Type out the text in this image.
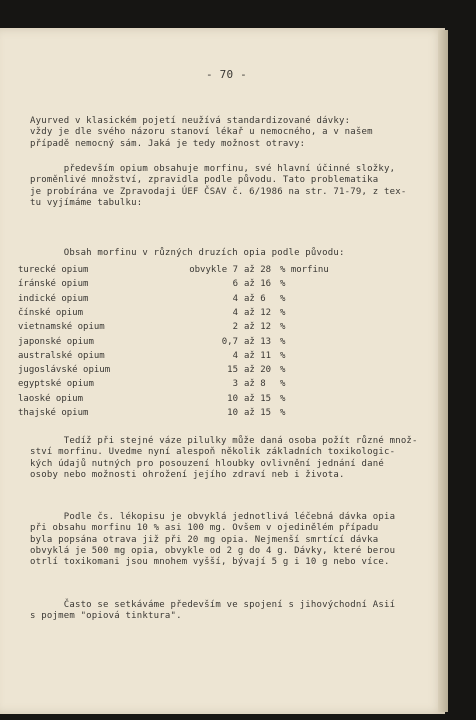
- 70 -
Ayurved v klasickém pojetí neužívá standardizované dávky:
vždy je dle svého názoru stanoví lékař u nemocného, a v našem
případě nemocný sám. Jaká je tedy možnost otravy:
především opium obsahuje morfinu, své hlavní účinné složky,
proměnlivé množství, zpravidla podle původu. Tato problematika
je probírána ve Zpravodaji ÚEF ČSAV č. 6/1986 na str. 71-79, z tex-
tu vyjímáme tabulku:
Obsah morfinu v různých druzích opia podle původu:
turecké opium	obvykle 7 až 28 % morfinu
íránské opium	6 až 16 %
indické opium	4 až 6 %
čínské opium	4 až 12 %
vietnamské opium	2 až 12 %
japonské opium	0,7 až 13 %
australské opium	4 až 11 %
jugoslávské opium	15 až 20 %
egyptské opium	3 až 8 %
laoské opium	10 až 15 %
thajské opium	10 až 15 %
Tedíž při stejné váze pilulky může daná osoba požít různé množ-
ství morfinu. Uvedme nyní alespoň několik základních toxikologic-
kých údajů nutných pro posouzení hloubky ovlivnění jednání dané
osoby nebo možnosti ohrožení jejího zdraví neb i života.
Podle čs. lékopisu je obvyklá jednotlivá léčebná dávka opia
při obsahu morfinu 10 % asi 100 mg. Ovšem v ojedinělém případu
byla popsána otrava již při 20 mg opia. Nejmenší smrtící dávka
obvyklá je 500 mg opia, obvykle od 2 g do 4 g. Dávky, které berou
otrlí toxikomani jsou mnohem vyšší, bývají 5 g i 10 g nebo více.
Často se setkáváme především ve spojení s jihovýchodní Asií
s pojmem "opiová tinktura".
